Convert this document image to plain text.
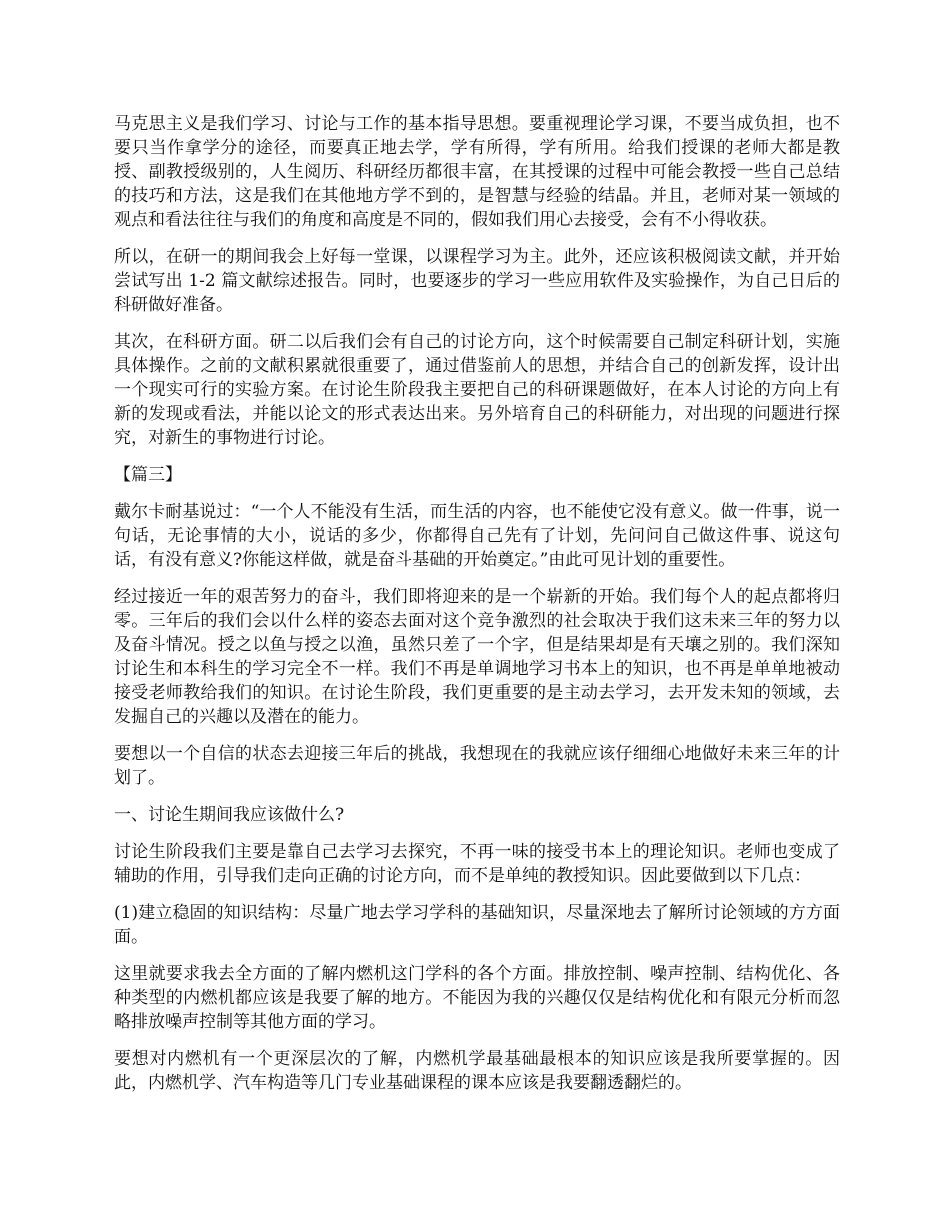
马克思主义是我们学习、讨论与工作的基本指导思想。要重视理论学习课，不要当成负担，也不要只当作拿学分的途径，而要真正地去学，学有所得，学有所用。给我们授课的老师大都是教授、副教授级别的，人生阅历、科研经历都很丰富，在其授课的过程中可能会教授一些自己总结的技巧和方法，这是我们在其他地方学不到的，是智慧与经验的结晶。并且，老师对某一领域的观点和看法往往与我们的角度和高度是不同的，假如我们用心去接受，会有不小得收获。

所以，在研一的期间我会上好每一堂课，以课程学习为主。此外，还应该积极阅读文献，并开始尝试写出 1-2 篇文献综述报告。同时，也要逐步的学习一些应用软件及实验操作，为自己日后的科研做好准备。

其次，在科研方面。研二以后我们会有自己的讨论方向，这个时候需要自己制定科研计划，实施具体操作。之前的文献积累就很重要了，通过借鉴前人的思想，并结合自己的创新发挥，设计出一个现实可行的实验方案。在讨论生阶段我主要把自己的科研课题做好，在本人讨论的方向上有新的发现或看法，并能以论文的形式表达出来。另外培育自己的科研能力，对出现的问题进行探究，对新生的事物进行讨论。

【篇三】

戴尔卡耐基说过：“一个人不能没有生活，而生活的内容，也不能使它没有意义。做一件事，说一句话，无论事情的大小，说话的多少，你都得自己先有了计划，先问问自己做这件事、说这句话，有没有意义?你能这样做，就是奋斗基础的开始奠定。”由此可见计划的重要性。

经过接近一年的艰苦努力的奋斗，我们即将迎来的是一个崭新的开始。我们每个人的起点都将归零。三年后的我们会以什么样的姿态去面对这个竞争激烈的社会取决于我们这未来三年的努力以及奋斗情况。授之以鱼与授之以渔，虽然只差了一个字，但是结果却是有天壤之别的。我们深知讨论生和本科生的学习完全不一样。我们不再是单调地学习书本上的知识，也不再是单单地被动接受老师教给我们的知识。在讨论生阶段，我们更重要的是主动去学习，去开发未知的领域，去发掘自己的兴趣以及潜在的能力。

要想以一个自信的状态去迎接三年后的挑战，我想现在的我就应该仔细细心地做好未来三年的计划了。

一、讨论生期间我应该做什么?

讨论生阶段我们主要是靠自己去学习去探究，不再一味的接受书本上的理论知识。老师也变成了辅助的作用，引导我们走向正确的讨论方向，而不是单纯的教授知识。因此要做到以下几点：

(1)建立稳固的知识结构：尽量广地去学习学科的基础知识，尽量深地去了解所讨论领域的方方面面。

这里就要求我去全方面的了解内燃机这门学科的各个方面。排放控制、噪声控制、结构优化、各种类型的内燃机都应该是我要了解的地方。不能因为我的兴趣仅仅是结构优化和有限元分析而忽略排放噪声控制等其他方面的学习。

要想对内燃机有一个更深层次的了解，内燃机学最基础最根本的知识应该是我所要掌握的。因此，内燃机学、汽车构造等几门专业基础课程的课本应该是我要翻透翻烂的。
